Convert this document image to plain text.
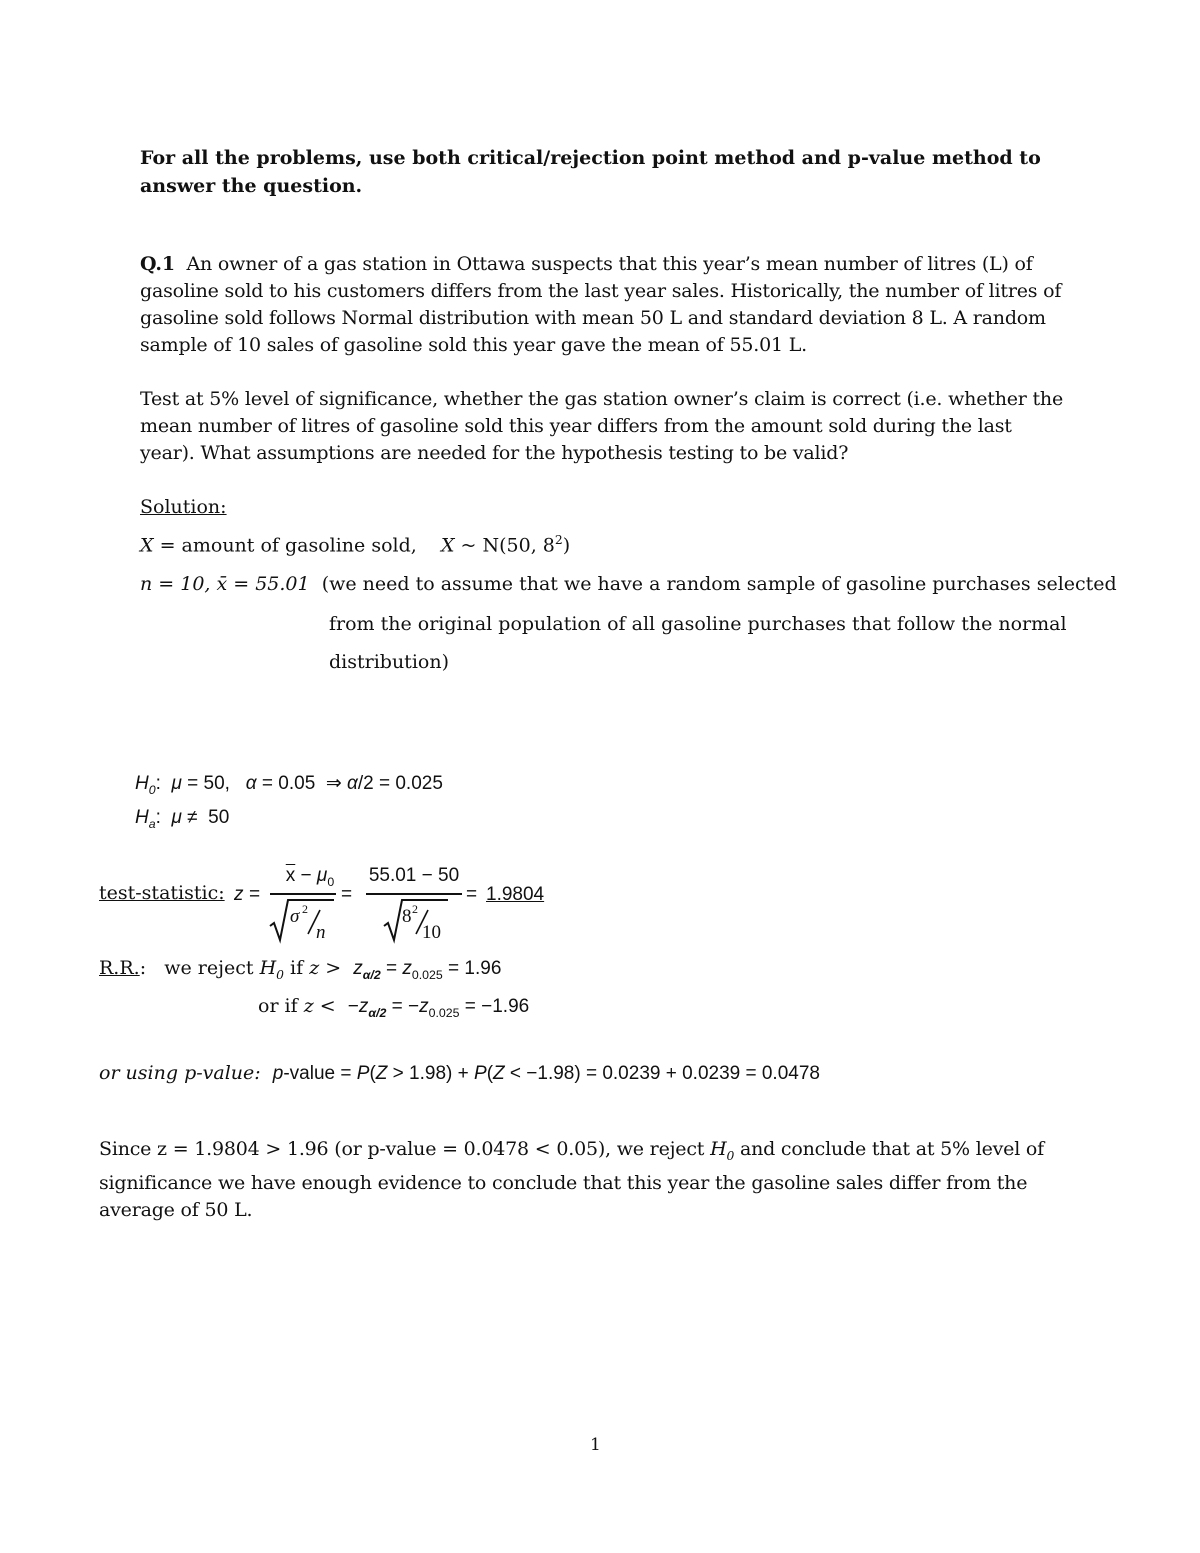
For all the problems, use both critical/rejection point method and p-value method to
answer the question.
Q.1 An owner of a gas station in Ottawa suspects that this year’s mean number of litres (L) of
gasoline sold to his customers differs from the last year sales. Historically, the number of litres of
gasoline sold follows Normal distribution with mean 50 L and standard deviation 8 L. A random
sample of 10 sales of gasoline sold this year gave the mean of 55.01 L.
Test at 5% level of significance, whether the gas station owner’s claim is correct (i.e. whether the
mean number of litres of gasoline sold this year differs from the amount sold during the last
year). What assumptions are needed for the hypothesis testing to be valid?
Solution:
X = amount of gasoline sold, X ~ N(50, $8^2$)
n = 10, x̄ = 55.01 (we need to assume that we have a random sample of gasoline purchases selected
from the original population of all gasoline purchases that follow the normal
distribution)
$H_0$:  μ = 50,   α = 0.05  ⇒ α/2 = 0.025
$H_a$:  μ ≠  50
test-statistic: z =
$\overline{x} - \mu_0$
σ 2
n
=
55.01 − 50
8 2
10
= 1.9804
R.R.:   we reject $H_0$ if $z > z_{\alpha/2} = z_{0.025} = 1.96$
or if $z < -z_{\alpha/2} = -z_{0.025} = -1.96$
or using p-value: p-value = P(Z > 1.98) + P(Z < −1.98) = 0.0239 + 0.0239 = 0.0478
Since z = 1.9804 > 1.96 (or p-value = 0.0478 < 0.05), we reject $H_0$ and conclude that at 5% level of
significance we have enough evidence to conclude that this year the gasoline sales differ from the
average of 50 L.
1
